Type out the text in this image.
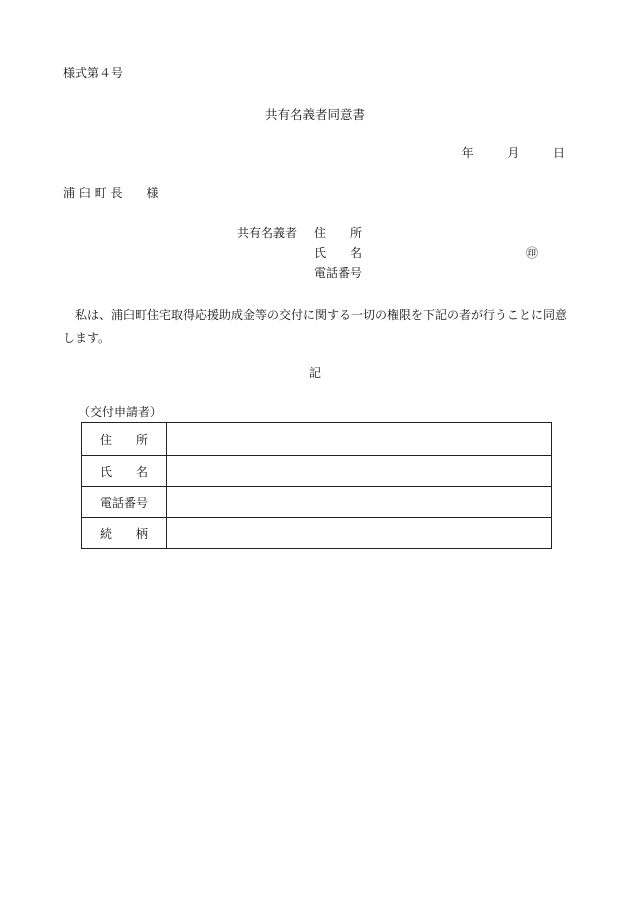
様式第４号
共有名義者同意書
年	月	日
浦 臼 町 長　　様
共有名義者 住　　所
氏　　名
電話番号
㊞
私は、浦臼町住宅取得応援助成金等の交付に関する一切の権限を下記の者が行うことに同意します。
記
（交付申請者）
住　　所	
氏　　名	
電話番号	
続　　柄	
